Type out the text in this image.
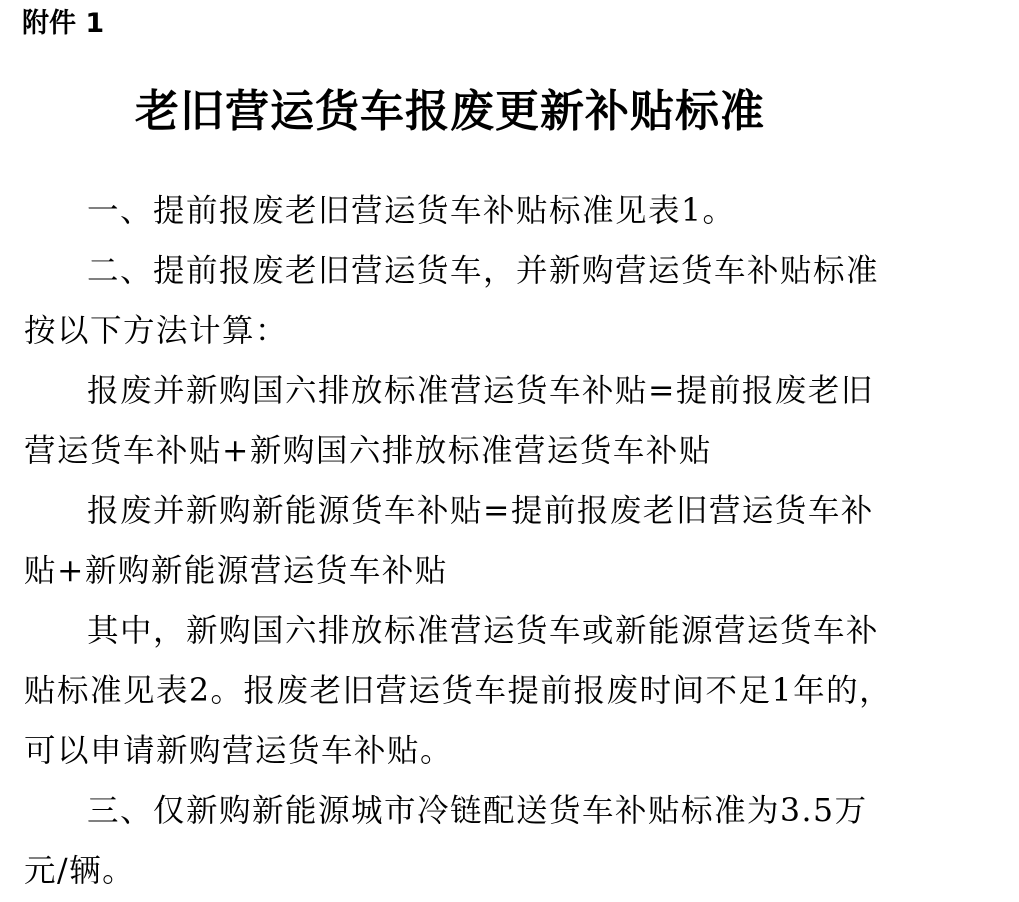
附件 1
老旧营运货车报废更新补贴标准

一、提前报废老旧营运货车补贴标准见表1。

二、提前报废老旧营运货车，并新购营运货车补贴标准按以下方法计算：

报废并新购国六排放标准营运货车补贴=提前报废老旧营运货车补贴+新购国六排放标准营运货车补贴

报废并新购新能源货车补贴=提前报废老旧营运货车补贴+新购新能源营运货车补贴

其中，新购国六排放标准营运货车或新能源营运货车补贴标准见表2。报废老旧营运货车提前报废时间不足1年的，可以申请新购营运货车补贴。

三、仅新购新能源城市冷链配送货车补贴标准为3.5万元/辆。
